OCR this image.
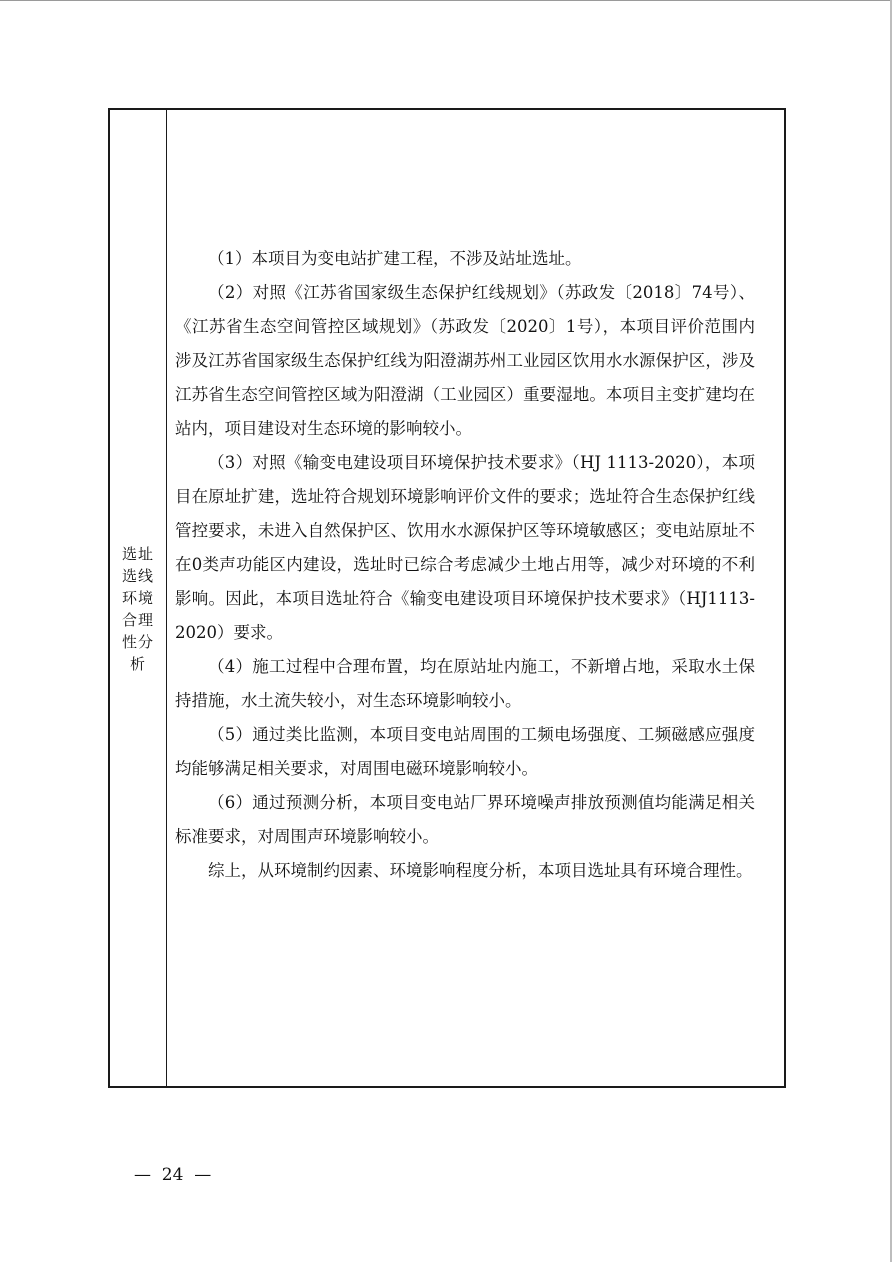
选址选线环境合理性分析

（1）本项目为变电站扩建工程，不涉及站址选址。

（2）对照《江苏省国家级生态保护红线规划》（苏政发〔2018〕74号）、《江苏省生态空间管控区域规划》（苏政发〔2020〕1号），本项目评价范围内涉及江苏省国家级生态保护红线为阳澄湖苏州工业园区饮用水水源保护区，涉及江苏省生态空间管控区域为阳澄湖（工业园区）重要湿地。本项目主变扩建均在站内，项目建设对生态环境的影响较小。

（3）对照《输变电建设项目环境保护技术要求》（HJ 1113-2020），本项目在原址扩建，选址符合规划环境影响评价文件的要求；选址符合生态保护红线管控要求，未进入自然保护区、饮用水水源保护区等环境敏感区；变电站原址不在0类声功能区内建设，选址时已综合考虑减少土地占用等，减少对环境的不利影响。因此，本项目选址符合《输变电建设项目环境保护技术要求》（HJ1113-2020）要求。

（4）施工过程中合理布置，均在原站址内施工，不新增占地，采取水土保持措施，水土流失较小，对生态环境影响较小。

（5）通过类比监测，本项目变电站周围的工频电场强度、工频磁感应强度均能够满足相关要求，对周围电磁环境影响较小。

（6）通过预测分析，本项目变电站厂界环境噪声排放预测值均能满足相关标准要求，对周围声环境影响较小。

综上，从环境制约因素、环境影响程度分析，本项目选址具有环境合理性。

—  24  —
